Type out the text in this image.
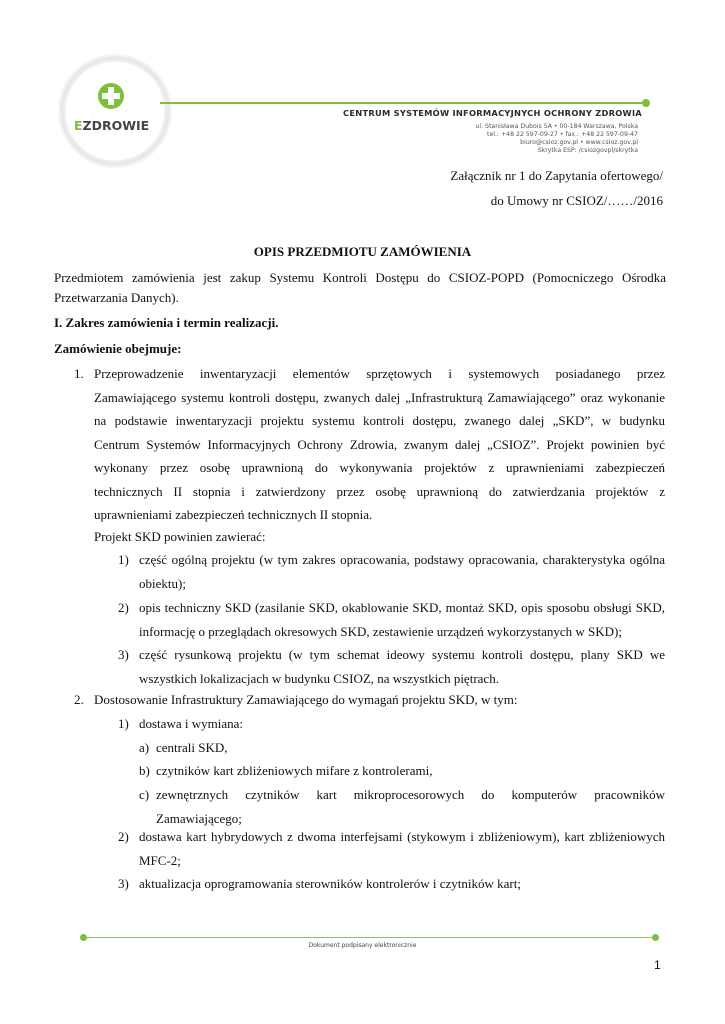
EZDROWIE
CENTRUM SYSTEMÓW INFORMACYJNYCH OCHRONY ZDROWIA
ul. Stanisława Dubois 5A • 00-184 Warszawa, Polska
tel.: +48 22 597-09-27 • fax.: +48 22 597-09-47
biuro@csioz.gov.pl • www.csioz.gov.pl
Skrytka ESP: /csiozgovpl/skrytka
Załącznik nr 1 do Zapytania ofertowego/
do Umowy nr CSIOZ/……/2016
OPIS PRZEDMIOTU ZAMÓWIENIA
Przedmiotem zamówienia jest zakup Systemu Kontroli Dostępu do CSIOZ-POPD (Pomocniczego Ośrodka
Przetwarzania Danych).
I. Zakres zamówienia i termin realizacji.
Zamówienie obejmuje:
1. Przeprowadzenie inwentaryzacji elementów sprzętowych i systemowych posiadanego przez
Zamawiającego systemu kontroli dostępu, zwanych dalej „Infrastrukturą Zamawiającego” oraz wykonanie
na podstawie inwentaryzacji projektu systemu kontroli dostępu, zwanego dalej „SKD”, w budynku
Centrum Systemów Informacyjnych Ochrony Zdrowia, zwanym dalej „CSIOZ”. Projekt powinien być
wykonany przez osobę uprawnioną do wykonywania projektów z uprawnieniami zabezpieczeń
technicznych II stopnia i zatwierdzony przez osobę uprawnioną do zatwierdzania projektów z
uprawnieniami zabezpieczeń technicznych II stopnia.
Projekt SKD powinien zawierać:
1) część ogólną projektu (w tym zakres opracowania, podstawy opracowania, charakterystyka ogólna
obiektu);
2) opis techniczny SKD (zasilanie SKD, okablowanie SKD, montaż SKD, opis sposobu obsługi SKD,
informację o przeglądach okresowych SKD, zestawienie urządzeń wykorzystanych w SKD);
3) część rysunkową projektu (w tym schemat ideowy systemu kontroli dostępu, plany SKD we
wszystkich lokalizacjach w budynku CSIOZ, na wszystkich piętrach.
2. Dostosowanie Infrastruktury Zamawiającego do wymagań projektu SKD, w tym:
1) dostawa i wymiana:
a) centrali SKD,
b) czytników kart zbliżeniowych mifare z kontrolerami,
c) zewnętrznych czytników kart mikroprocesorowych do komputerów pracowników
Zamawiającego;
2) dostawa kart hybrydowych z dwoma interfejsami (stykowym i zbliżeniowym), kart zbliżeniowych
MFC-2;
3) aktualizacja oprogramowania sterowników kontrolerów i czytników kart;
Dokument podpisany elektronicznie
1
